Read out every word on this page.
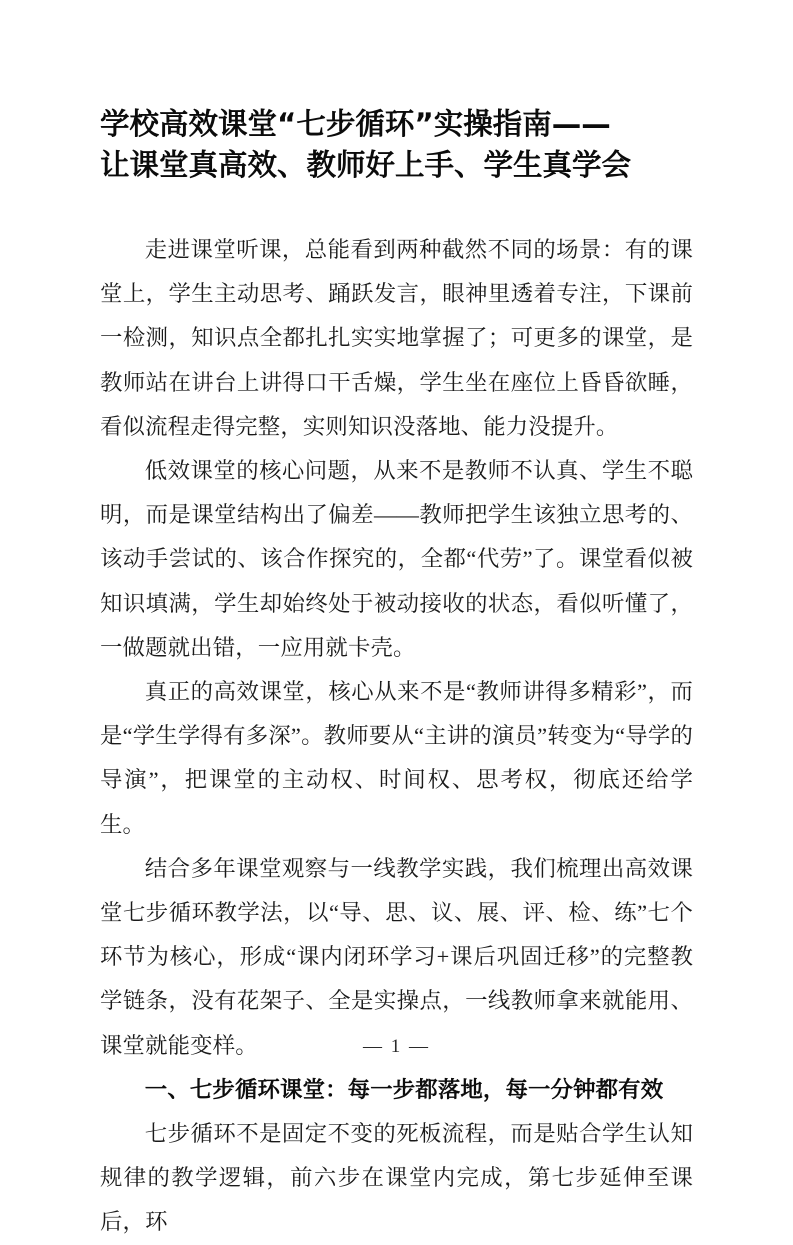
学校高效课堂“七步循环”实操指南——
让课堂真高效、教师好上手、学生真学会

走进课堂听课，总能看到两种截然不同的场景：有的课堂上，学生主动思考、踊跃发言，眼神里透着专注，下课前一检测，知识点全都扎扎实实地掌握了；可更多的课堂，是教师站在讲台上讲得口干舌燥，学生坐在座位上昏昏欲睡，看似流程走得完整，实则知识没落地、能力没提升。

低效课堂的核心问题，从来不是教师不认真、学生不聪明，而是课堂结构出了偏差——教师把学生该独立思考的、该动手尝试的、该合作探究的，全都“代劳”了。课堂看似被知识填满，学生却始终处于被动接收的状态，看似听懂了，一做题就出错，一应用就卡壳。

真正的高效课堂，核心从来不是“教师讲得多精彩”，而是“学生学得有多深”。教师要从“主讲的演员”转变为“导学的导演”，把课堂的主动权、时间权、思考权，彻底还给学生。

结合多年课堂观察与一线教学实践，我们梳理出高效课堂七步循环教学法，以“导、思、议、展、评、检、练”七个环节为核心，形成“课内闭环学习+课后巩固迁移”的完整教学链条，没有花架子、全是实操点，一线教师拿来就能用、课堂就能变样。

一、七步循环课堂：每一步都落地，每一分钟都有效

七步循环不是固定不变的死板流程，而是贴合学生认知规律的教学逻辑，前六步在课堂内完成，第七步延伸至课后，环

— 1 —
